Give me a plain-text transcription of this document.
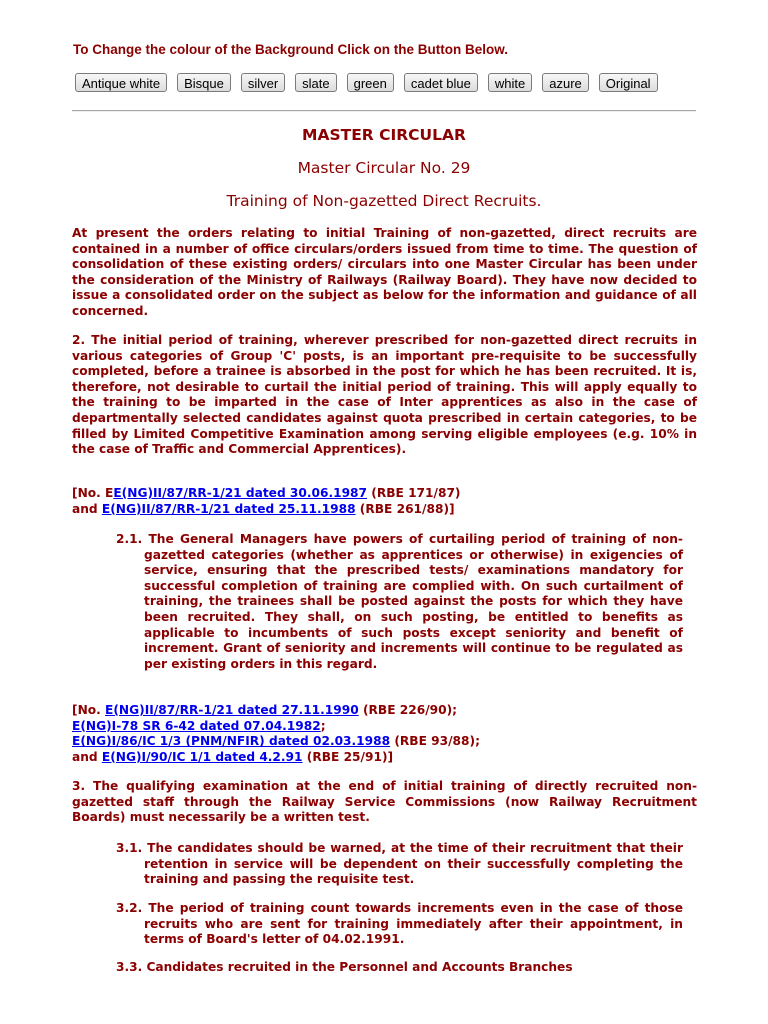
To Change the colour of the Background Click on the Button Below.
Antique white	Bisque	silver	slate	green	cadet blue	white	azure	Original
MASTER CIRCULAR
Master Circular No. 29
Training of Non-gazetted Direct Recruits.

At present the orders relating to initial Training of non-gazetted, direct recruits are contained in a number of office circulars/orders issued from time to time. The question of consolidation of these existing orders/ circulars into one Master Circular has been under the consideration of the Ministry of Railways (Railway Board). They have now decided to issue a consolidated order on the subject as below for the information and guidance of all concerned.

2. The initial period of training, wherever prescribed for non-gazetted direct recruits in various categories of Group 'C' posts, is an important pre-requisite to be successfully completed, before a trainee is absorbed in the post for which he has been recruited. It is, therefore, not desirable to curtail the initial period of training. This will apply equally to the training to be imparted in the case of Inter apprentices as also in the case of departmentally selected candidates against quota prescribed in certain categories, to be filled by Limited Competitive Examination among serving eligible employees (e.g. 10% in the case of Traffic and Commercial Apprentices).

[No. EE(NG)II/87/RR-1/21 dated 30.06.1987 (RBE 171/87)
and E(NG)II/87/RR-1/21 dated 25.11.1988 (RBE 261/88)]

2.1. The General Managers have powers of curtailing period of training of non-gazetted categories (whether as apprentices or otherwise) in exigencies of service, ensuring that the prescribed tests/ examinations mandatory for successful completion of training are complied with. On such curtailment of training, the trainees shall be posted against the posts for which they have been recruited. They shall, on such posting, be entitled to benefits as applicable to incumbents of such posts except seniority and benefit of increment. Grant of seniority and increments will continue to be regulated as per existing orders in this regard.

[No. E(NG)II/87/RR-1/21 dated 27.11.1990 (RBE 226/90);
E(NG)I-78 SR 6-42 dated 07.04.1982;
E(NG)I/86/IC 1/3 (PNM/NFIR) dated 02.03.1988 (RBE 93/88);
and E(NG)I/90/IC 1/1 dated 4.2.91 (RBE 25/91)]

3. The qualifying examination at the end of initial training of directly recruited non-gazetted staff through the Railway Service Commissions (now Railway Recruitment Boards) must necessarily be a written test.

3.1. The candidates should be warned, at the time of their recruitment that their retention in service will be dependent on their successfully completing the training and passing the requisite test.

3.2. The period of training count towards increments even in the case of those recruits who are sent for training immediately after their appointment, in terms of Board's letter of 04.02.1991.

3.3. Candidates recruited in the Personnel and Accounts Branches
